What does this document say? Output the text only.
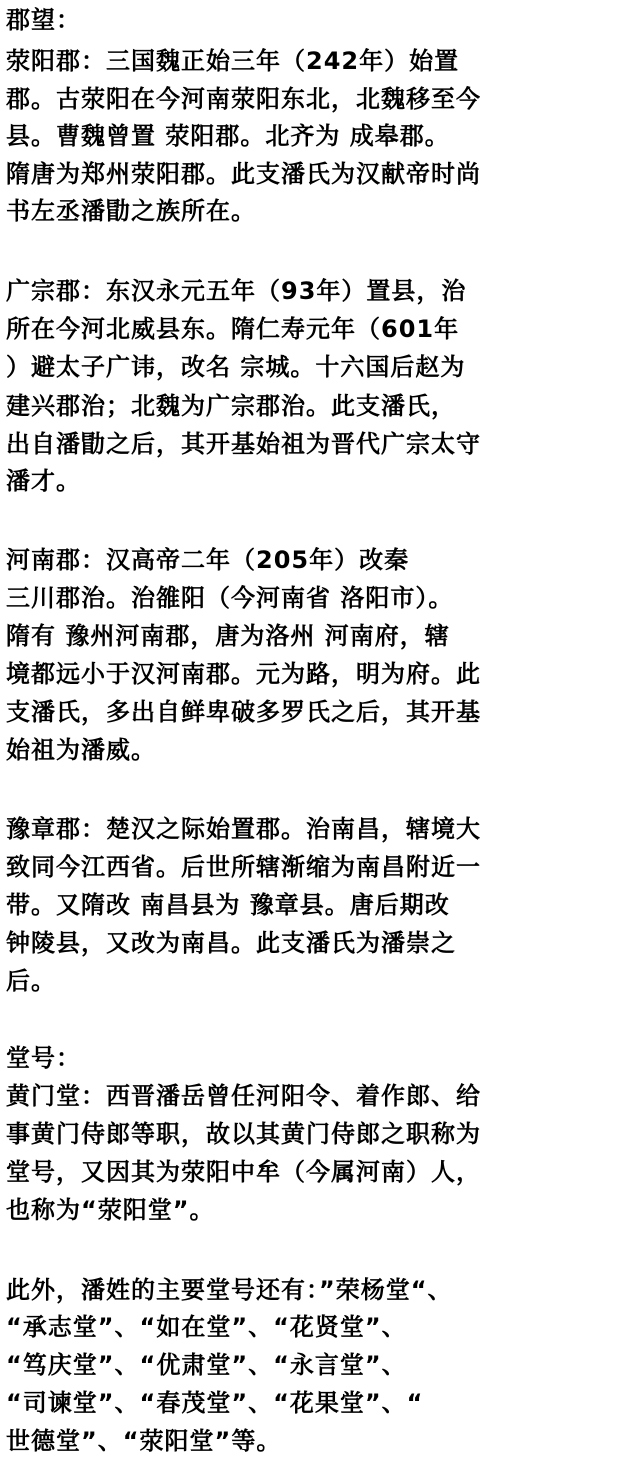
郡望：
荥阳郡：三国魏正始三年（242年）始置
郡。古荥阳在今河南荥阳东北，北魏移至今
县。曹魏曾置 荥阳郡。北齐为 成皋郡。
隋唐为郑州荥阳郡。此支潘氏为汉献帝时尚
书左丞潘勖之族所在。
广宗郡：东汉永元五年（93年）置县，治
所在今河北威县东。隋仁寿元年（601年
）避太子广讳，改名 宗城。十六国后赵为
建兴郡治；北魏为广宗郡治。此支潘氏，
出自潘勖之后，其开基始祖为晋代广宗太守
潘才。
河南郡：汉高帝二年（205年）改秦
三川郡治。治雒阳（今河南省 洛阳市）。
隋有 豫州河南郡，唐为洛州 河南府，辖
境都远小于汉河南郡。元为路，明为府。此
支潘氏，多出自鲜卑破多罗氏之后，其开基
始祖为潘威。
豫章郡：楚汉之际始置郡。治南昌，辖境大
致同今江西省。后世所辖渐缩为南昌附近一
带。又隋改 南昌县为 豫章县。唐后期改
钟陵县，又改为南昌。此支潘氏为潘崇之
后。
堂号：
黄门堂：西晋潘岳曾任河阳令、着作郎、给
事黄门侍郎等职，故以其黄门侍郎之职称为
堂号，又因其为荥阳中牟（今属河南）人，
也称为“荥阳堂”。
此外，潘姓的主要堂号还有：”荣杨堂“、
“承志堂”、“如在堂”、“花贤堂”、
“笃庆堂”、“优肃堂”、“永言堂”、
“司谏堂”、“春茂堂”、“花果堂”、“
世德堂”、“荥阳堂”等。
